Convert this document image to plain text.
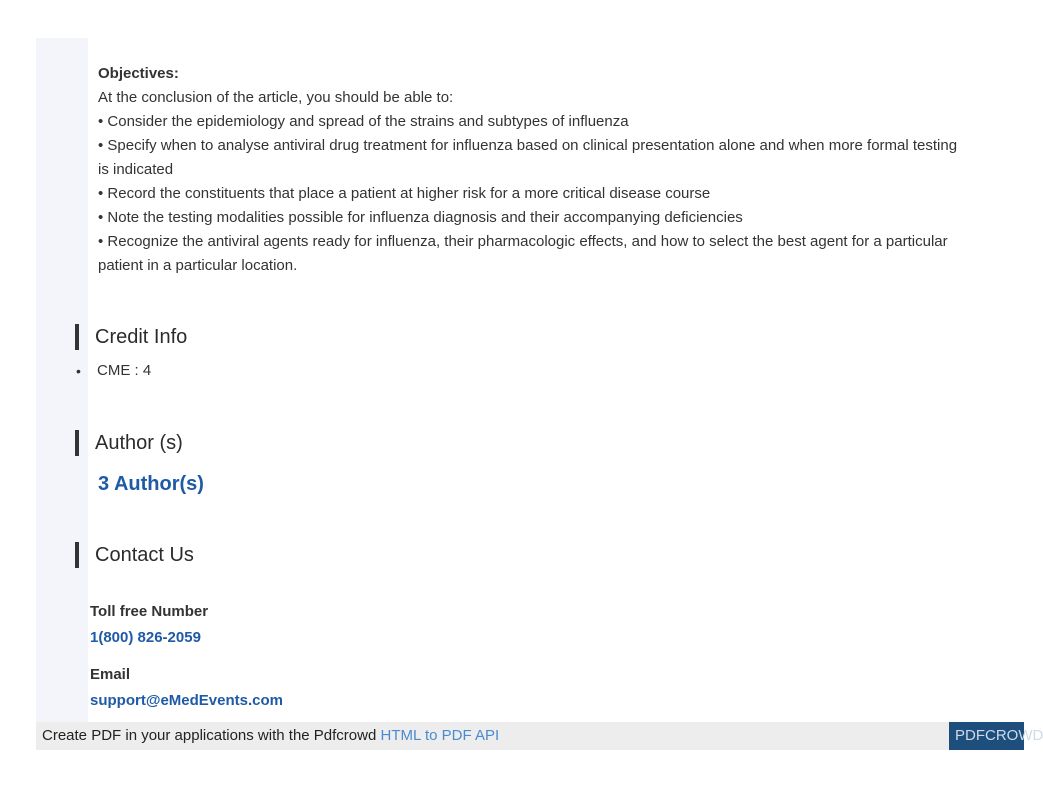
Objectives:
At the conclusion of the article, you should be able to:
• Consider the epidemiology and spread of the strains and subtypes of influenza
• Specify when to analyse antiviral drug treatment for influenza based on clinical presentation alone and when more formal testing is indicated
• Record the constituents that place a patient at higher risk for a more critical disease course
• Note the testing modalities possible for influenza diagnosis and their accompanying deficiencies
• Recognize the antiviral agents ready for influenza, their pharmacologic effects, and how to select the best agent for a particular patient in a particular location.
Credit Info
• CME : 4
Author (s)
3 Author(s)
Contact Us
Toll free Number
1(800) 826-2059
Email
support@eMedEvents.com
Create PDF in your applications with the Pdfcrowd HTML to PDF API	PDFCROWD
